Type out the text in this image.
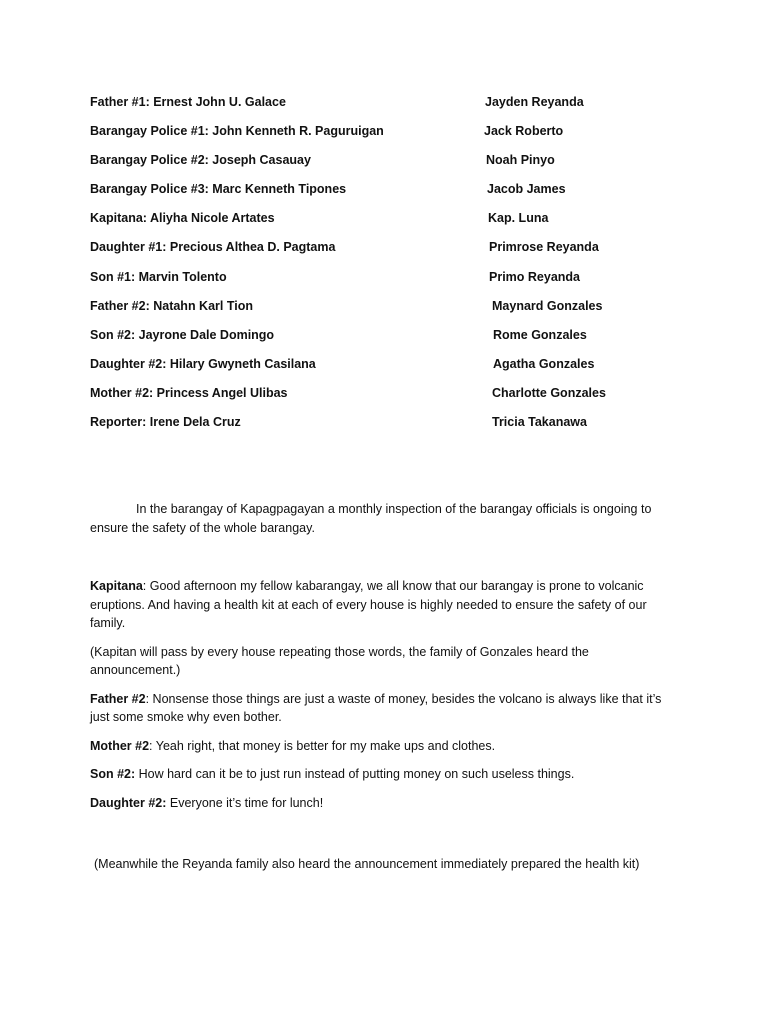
Father #1: Ernest John U. Galace	Jayden Reyanda
Barangay Police #1: John Kenneth R. Paguruigan	Jack Roberto
Barangay Police #2: Joseph Casauay	Noah Pinyo
Barangay Police #3: Marc Kenneth Tipones	Jacob James
Kapitana: Aliyha Nicole Artates	Kap. Luna
Daughter #1: Precious Althea D. Pagtama	Primrose Reyanda
Son #1: Marvin Tolento	Primo Reyanda
Father #2: Natahn Karl Tion	Maynard Gonzales
Son #2: Jayrone Dale Domingo	Rome Gonzales
Daughter #2: Hilary Gwyneth Casilana	Agatha Gonzales
Mother #2: Princess Angel Ulibas	Charlotte Gonzales
Reporter: Irene Dela Cruz	Tricia Takanawa

In the barangay of Kapagpagayan a monthly inspection of the barangay officials is ongoing to ensure the safety of the whole barangay.

Kapitana: Good afternoon my fellow kabarangay, we all know that our barangay is prone to volcanic eruptions. And having a health kit at each of every house is highly needed to ensure the safety of our family.

(Kapitan will pass by every house repeating those words, the family of Gonzales heard the announcement.)

Father #2: Nonsense those things are just a waste of money, besides the volcano is always like that it’s just some smoke why even bother.

Mother #2: Yeah right, that money is better for my make ups and clothes.

Son #2: How hard can it be to just run instead of putting money on such useless things.

Daughter #2: Everyone it’s time for lunch!

(Meanwhile the Reyanda family also heard the announcement immediately prepared the health kit)
